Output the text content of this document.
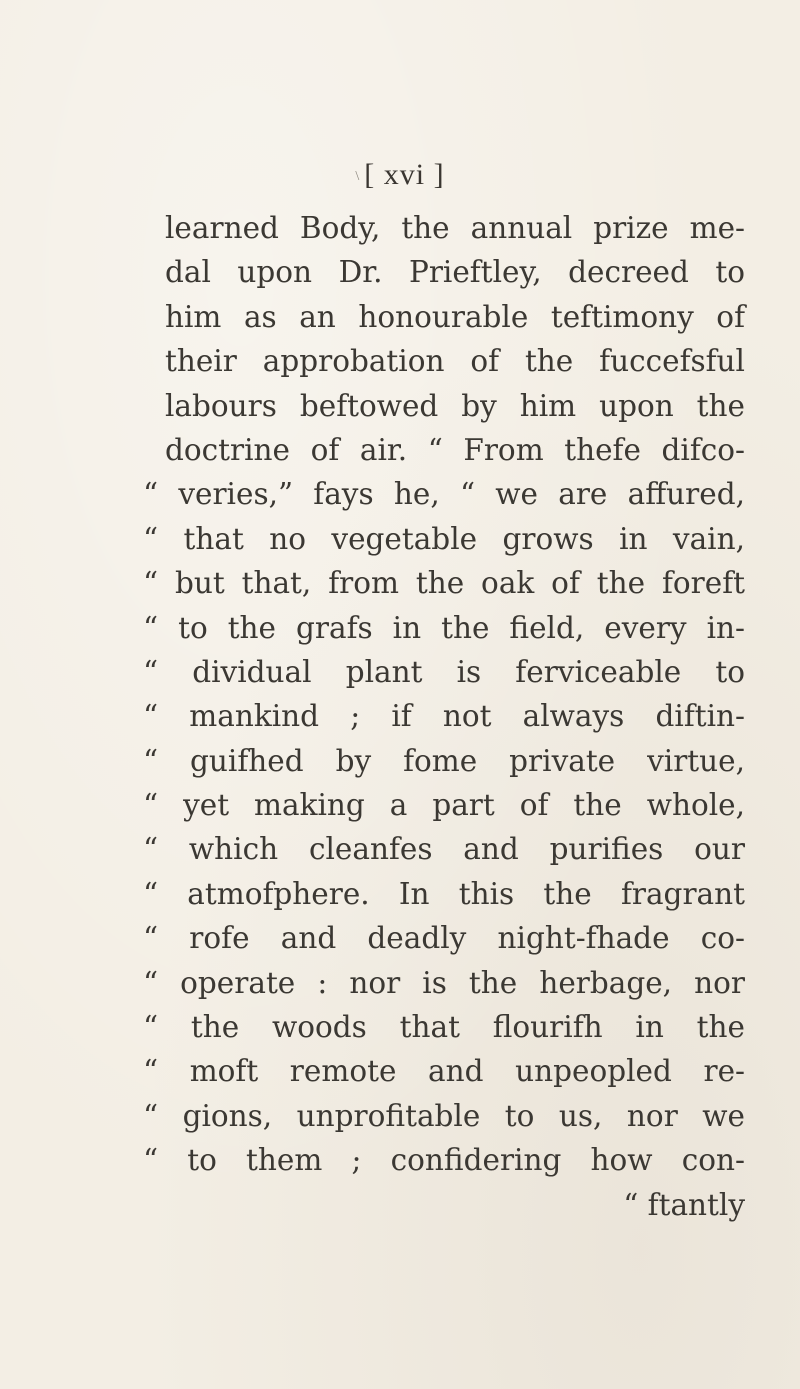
\ [ xvi ]
learned Body, the annual prize me-
dal upon Dr. Prieftley, decreed to
him as an honourable teftimony of
their approbation of the fuccefsful
labours beftowed by him upon the
doctrine of air. “ From thefe difco-
“ veries,” fays he, “ we are affured,
“ that no vegetable grows in vain,
“ but that, from the oak of the foreft
“ to the grafs in the field, every in-
“ dividual plant is ferviceable to
“ mankind ; if not always diftin-
“ guifhed by fome private virtue,
“ yet making a part of the whole,
“ which cleanfes and purifies our
“ atmofphere. In this the fragrant
“ rofe and deadly night-fhade co-
“ operate : nor is the herbage, nor
“ the woods that flourifh in the
“ moft remote and unpeopled re-
“ gions, unprofitable to us, nor we
“ to them ; confidering how con-
“ ftantly
